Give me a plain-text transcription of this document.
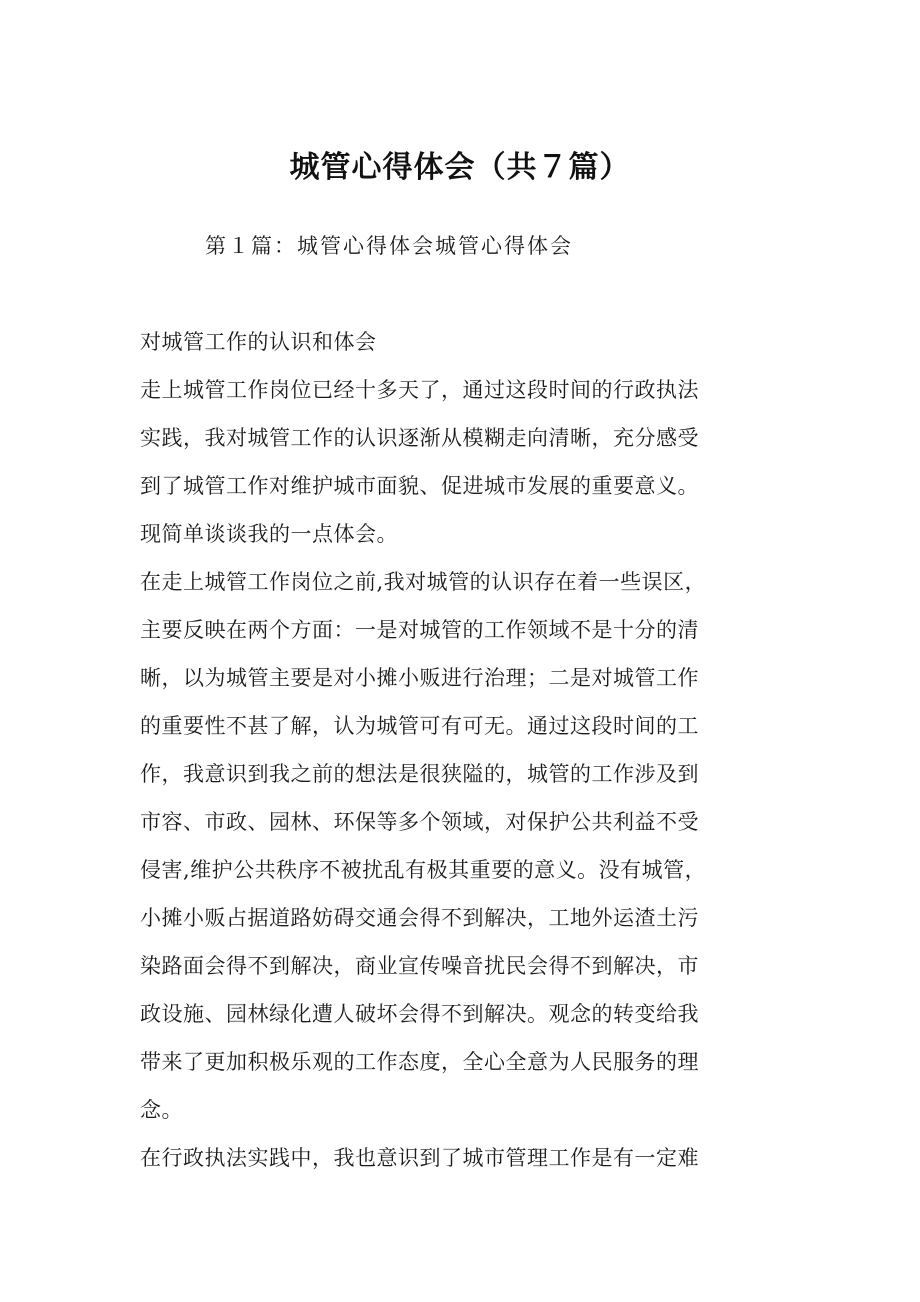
城管心得体会（共７篇）
第１篇：城管心得体会城管心得体会
对城管工作的认识和体会
走上城管工作岗位已经十多天了，通过这段时间的行政执法
实践，我对城管工作的认识逐渐从模糊走向清晰，充分感受
到了城管工作对维护城市面貌、促进城市发展的重要意义。
现简单谈谈我的一点体会。
在走上城管工作岗位之前,我对城管的认识存在着一些误区，
主要反映在两个方面：一是对城管的工作领域不是十分的清
晰，以为城管主要是对小摊小贩进行治理；二是对城管工作
的重要性不甚了解，认为城管可有可无。通过这段时间的工
作，我意识到我之前的想法是很狭隘的，城管的工作涉及到
市容、市政、园林、环保等多个领域，对保护公共利益不受
侵害,维护公共秩序不被扰乱有极其重要的意义。没有城管，
小摊小贩占据道路妨碍交通会得不到解决，工地外运渣土污
染路面会得不到解决，商业宣传噪音扰民会得不到解决，市
政设施、园林绿化遭人破坏会得不到解决。观念的转变给我
带来了更加积极乐观的工作态度，全心全意为人民服务的理
念。
在行政执法实践中，我也意识到了城市管理工作是有一定难
